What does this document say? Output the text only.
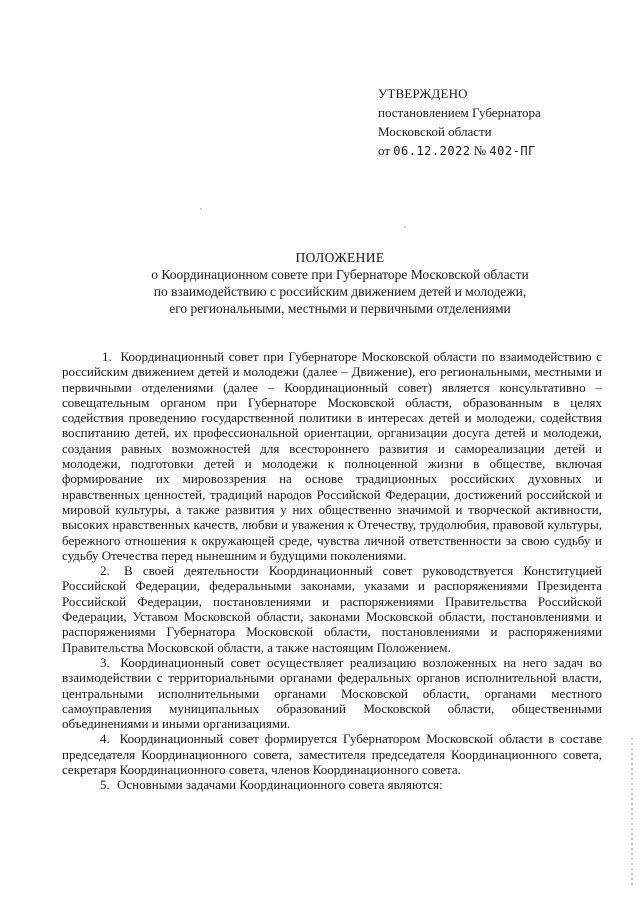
УТВЕРЖДЕНО
постановлением Губернатора
Московской области
от 06.12.2022 № 402-ПГ
ПОЛОЖЕНИЕ
о Координационном совете при Губернаторе Московской области
по взаимодействию с российским движением детей и молодежи,
его региональными, местными и первичными отделениями

1. Координационный совет при Губернаторе Московской области по взаимодействию с российским движением детей и молодежи (далее – Движение), его региональными, местными и первичными отделениями (далее – Координационный совет) является консультативно – совещательным органом при Губернаторе Московской области, образованным в целях содействия проведению государственной политики в интересах детей и молодежи, содействия воспитанию детей, их профессиональной ориентации, организации досуга детей и молодежи, создания равных возможностей для всестороннего развития и самореализации детей и молодежи, подготовки детей и молодежи к полноценной жизни в обществе, включая формирование их мировоззрения на основе традиционных российских духовных и нравственных ценностей, традиций народов Российской Федерации, достижений российской и мировой культуры, а также развития у них общественно значимой и творческой активности, высоких нравственных качеств, любви и уважения к Отечеству, трудолюбия, правовой культуры, бережного отношения к окружающей среде, чувства личной ответственности за свою судьбу и судьбу Отечества перед нынешним и будущими поколениями.

2. В своей деятельности Координационный совет руководствуется Конституцией Российской Федерации, федеральными законами, указами и распоряжениями Президента Российской Федерации, постановлениями и распоряжениями Правительства Российской Федерации, Уставом Московской области, законами Московской области, постановлениями и распоряжениями Губернатора Московской области, постановлениями и распоряжениями Правительства Московской области, а также настоящим Положением.

3. Координационный совет осуществляет реализацию возложенных на него задач во взаимодействии с территориальными органами федеральных органов исполнительной власти, центральными исполнительными органами Московской области, органами местного самоуправления муниципальных образований Московской области, общественными объединениями и иными организациями.

4. Координационный совет формируется Губернатором Московской области в составе председателя Координационного совета, заместителя председателя Координационного совета, секретаря Координационного совета, членов Координационного совета.

5. Основными задачами Координационного совета являются:
